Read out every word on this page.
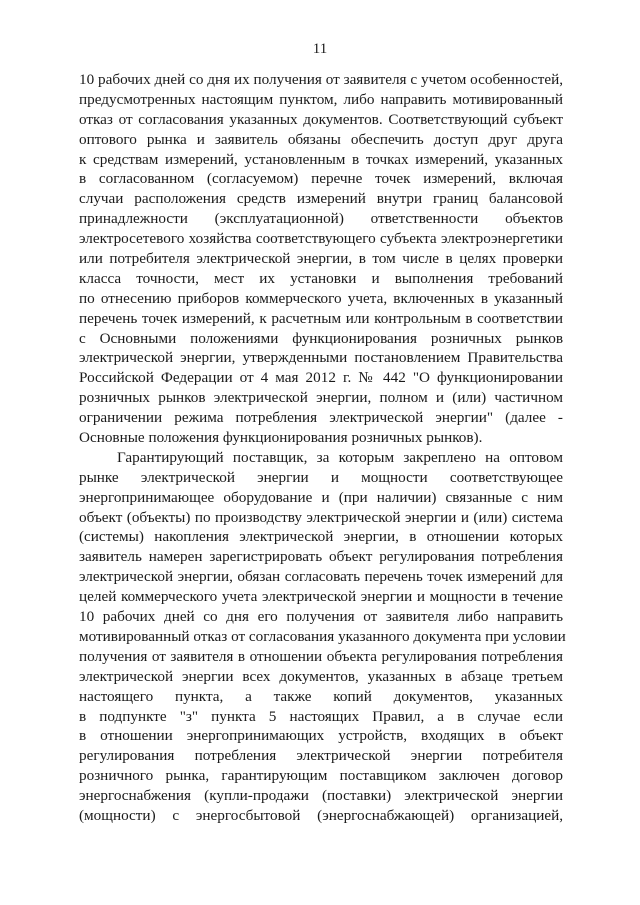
11
10 рабочих дней со дня их получения от заявителя с учетом особенностей,
предусмотренных настоящим пунктом, либо направить мотивированный
отказ от согласования указанных документов. Соответствующий субъект
оптового рынка и заявитель обязаны обеспечить доступ друг друга
к средствам измерений, установленным в точках измерений, указанных
в согласованном (согласуемом) перечне точек измерений, включая
случаи расположения средств измерений внутри границ балансовой
принадлежности (эксплуатационной) ответственности объектов
электросетевого хозяйства соответствующего субъекта электроэнергетики
или потребителя электрической энергии, в том числе в целях проверки
класса точности, мест их установки и выполнения требований
по отнесению приборов коммерческого учета, включенных в указанный
перечень точек измерений, к расчетным или контрольным в соответствии
с Основными положениями функционирования розничных рынков
электрической энергии, утвержденными постановлением Правительства
Российской Федерации от 4 мая 2012 г. № 442 "О функционировании
розничных рынков электрической энергии, полном и (или) частичном
ограничении режима потребления электрической энергии" (далее -
Основные положения функционирования розничных рынков).
Гарантирующий поставщик, за которым закреплено на оптовом
рынке электрической энергии и мощности соответствующее
энергопринимающее оборудование и (при наличии) связанные с ним
объект (объекты) по производству электрической энергии и (или) система
(системы) накопления электрической энергии, в отношении которых
заявитель намерен зарегистрировать объект регулирования потребления
электрической энергии, обязан согласовать перечень точек измерений для
целей коммерческого учета электрической энергии и мощности в течение
10 рабочих дней со дня его получения от заявителя либо направить
мотивированный отказ от согласования указанного документа при условии
получения от заявителя в отношении объекта регулирования потребления
электрической энергии всех документов, указанных в абзаце третьем
настоящего пункта, а также копий документов, указанных
в подпункте "з" пункта 5 настоящих Правил, а в случае если
в отношении энергопринимающих устройств, входящих в объект
регулирования потребления электрической энергии потребителя
розничного рынка, гарантирующим поставщиком заключен договор
энергоснабжения (купли-продажи (поставки) электрической энергии
(мощности) с энергосбытовой (энергоснабжающей) организацией,
